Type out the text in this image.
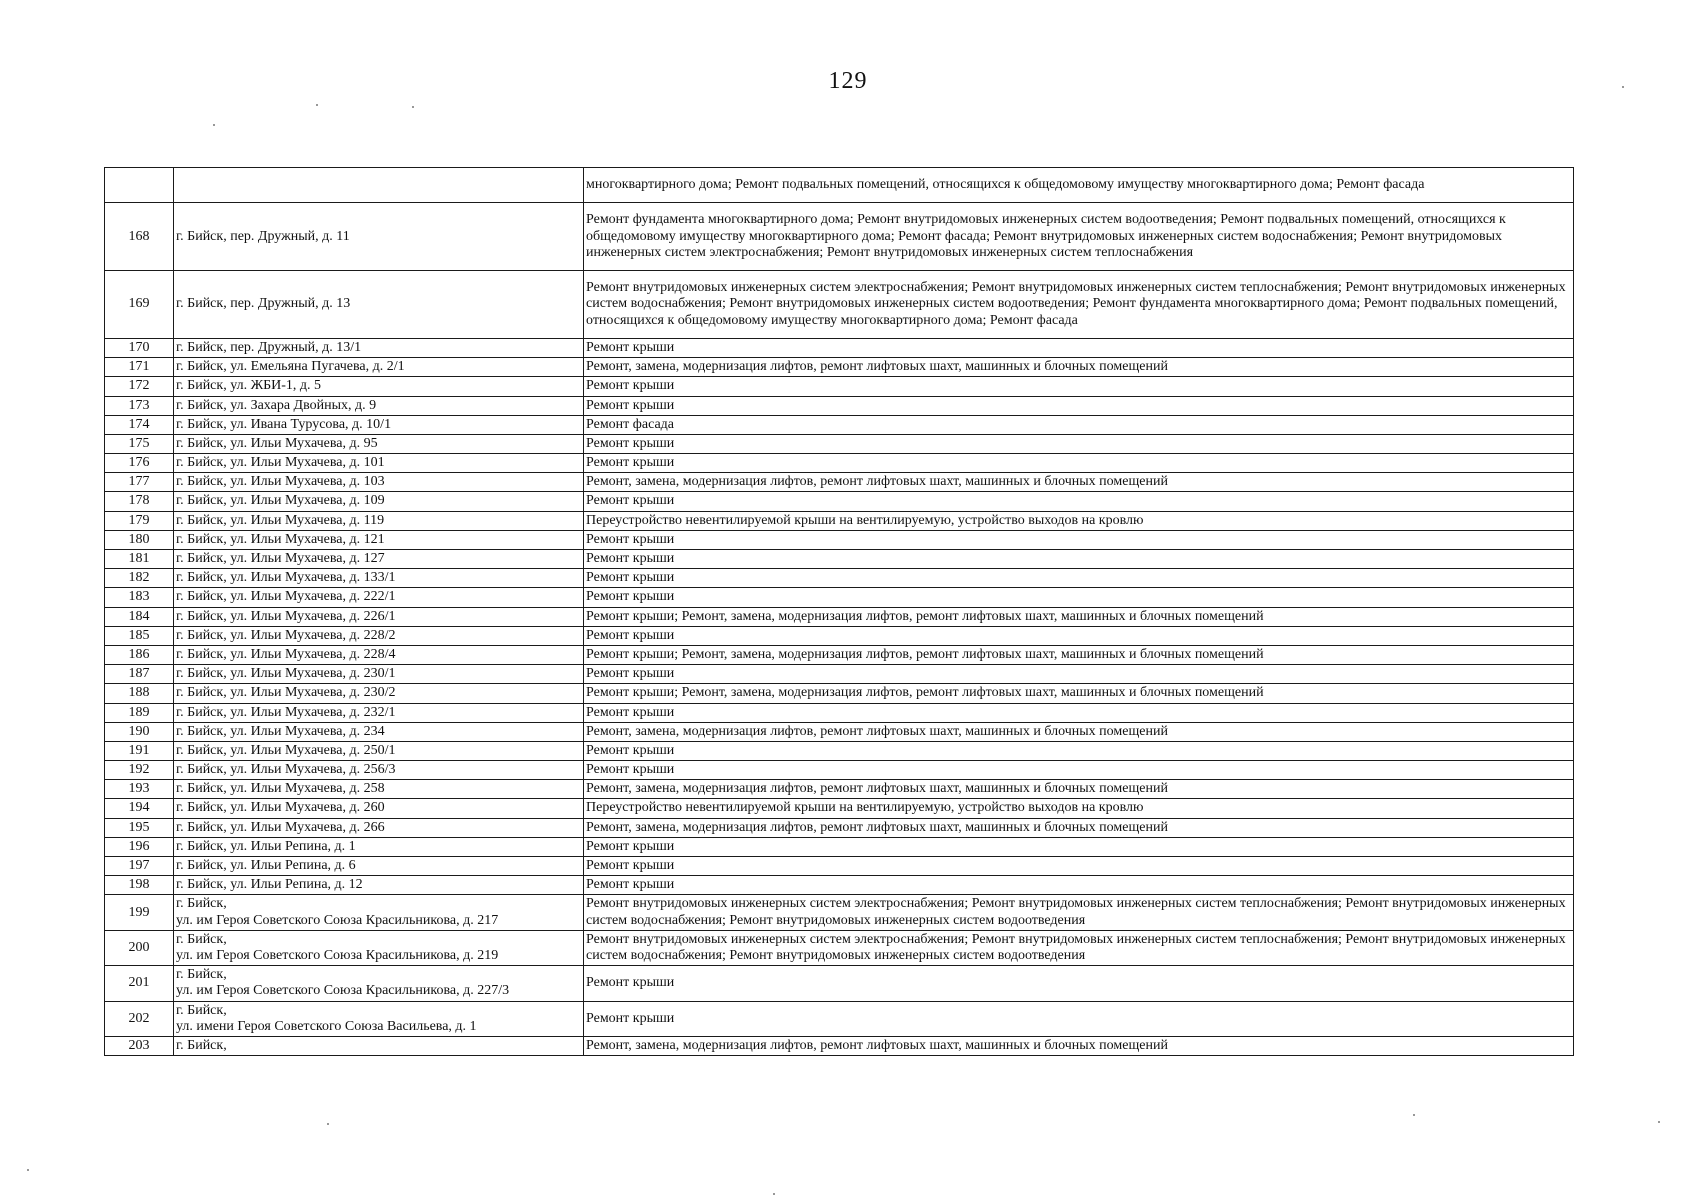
129
		многоквартирного дома; Ремонт подвальных помещений, относящихся к общедомовому имуществу многоквартирного дома; Ремонт фасада
168	г. Бийск, пер. Дружный, д. 11	Ремонт фундамента многоквартирного дома; Ремонт внутридомовых инженерных систем водоотведения; Ремонт подвальных помещений, относящихся к общедомовому имуществу многоквартирного дома; Ремонт фасада; Ремонт внутридомовых инженерных систем водоснабжения; Ремонт внутридомовых инженерных систем электроснабжения; Ремонт внутридомовых инженерных систем теплоснабжения
169	г. Бийск, пер. Дружный, д. 13	Ремонт внутридомовых инженерных систем электроснабжения; Ремонт внутридомовых инженерных систем теплоснабжения; Ремонт внутридомовых инженерных систем водоснабжения; Ремонт внутридомовых инженерных систем водоотведения; Ремонт фундамента многоквартирного дома; Ремонт подвальных помещений, относящихся к общедомовому имуществу многоквартирного дома; Ремонт фасада
170	г. Бийск, пер. Дружный, д. 13/1	Ремонт крыши
171	г. Бийск, ул. Емельяна Пугачева, д. 2/1	Ремонт, замена, модернизация лифтов, ремонт лифтовых шахт, машинных и блочных помещений
172	г. Бийск, ул. ЖБИ-1, д. 5	Ремонт крыши
173	г. Бийск, ул. Захара Двойных, д. 9	Ремонт крыши
174	г. Бийск, ул. Ивана Турусова, д. 10/1	Ремонт фасада
175	г. Бийск, ул. Ильи Мухачева, д. 95	Ремонт крыши
176	г. Бийск, ул. Ильи Мухачева, д. 101	Ремонт крыши
177	г. Бийск, ул. Ильи Мухачева, д. 103	Ремонт, замена, модернизация лифтов, ремонт лифтовых шахт, машинных и блочных помещений
178	г. Бийск, ул. Ильи Мухачева, д. 109	Ремонт крыши
179	г. Бийск, ул. Ильи Мухачева, д. 119	Переустройство невентилируемой крыши на вентилируемую, устройство выходов на кровлю
180	г. Бийск, ул. Ильи Мухачева, д. 121	Ремонт крыши
181	г. Бийск, ул. Ильи Мухачева, д. 127	Ремонт крыши
182	г. Бийск, ул. Ильи Мухачева, д. 133/1	Ремонт крыши
183	г. Бийск, ул. Ильи Мухачева, д. 222/1	Ремонт крыши
184	г. Бийск, ул. Ильи Мухачева, д. 226/1	Ремонт крыши; Ремонт, замена, модернизация лифтов, ремонт лифтовых шахт, машинных и блочных помещений
185	г. Бийск, ул. Ильи Мухачева, д. 228/2	Ремонт крыши
186	г. Бийск, ул. Ильи Мухачева, д. 228/4	Ремонт крыши; Ремонт, замена, модернизация лифтов, ремонт лифтовых шахт, машинных и блочных помещений
187	г. Бийск, ул. Ильи Мухачева, д. 230/1	Ремонт крыши
188	г. Бийск, ул. Ильи Мухачева, д. 230/2	Ремонт крыши; Ремонт, замена, модернизация лифтов, ремонт лифтовых шахт, машинных и блочных помещений
189	г. Бийск, ул. Ильи Мухачева, д. 232/1	Ремонт крыши
190	г. Бийск, ул. Ильи Мухачева, д. 234	Ремонт, замена, модернизация лифтов, ремонт лифтовых шахт, машинных и блочных помещений
191	г. Бийск, ул. Ильи Мухачева, д. 250/1	Ремонт крыши
192	г. Бийск, ул. Ильи Мухачева, д. 256/3	Ремонт крыши
193	г. Бийск, ул. Ильи Мухачева, д. 258	Ремонт, замена, модернизация лифтов, ремонт лифтовых шахт, машинных и блочных помещений
194	г. Бийск, ул. Ильи Мухачева, д. 260	Переустройство невентилируемой крыши на вентилируемую, устройство выходов на кровлю
195	г. Бийск, ул. Ильи Мухачева, д. 266	Ремонт, замена, модернизация лифтов, ремонт лифтовых шахт, машинных и блочных помещений
196	г. Бийск, ул. Ильи Репина, д. 1	Ремонт крыши
197	г. Бийск, ул. Ильи Репина, д. 6	Ремонт крыши
198	г. Бийск, ул. Ильи Репина, д. 12	Ремонт крыши
199	г. Бийск,
ул. им Героя Советского Союза Красильникова, д. 217	Ремонт внутридомовых инженерных систем электроснабжения; Ремонт внутридомовых инженерных систем теплоснабжения; Ремонт внутридомовых инженерных систем водоснабжения; Ремонт внутридомовых инженерных систем водоотведения
200	г. Бийск,
ул. им Героя Советского Союза Красильникова, д. 219	Ремонт внутридомовых инженерных систем электроснабжения; Ремонт внутридомовых инженерных систем теплоснабжения; Ремонт внутридомовых инженерных систем водоснабжения; Ремонт внутридомовых инженерных систем водоотведения
201	г. Бийск,
ул. им Героя Советского Союза Красильникова, д. 227/3	Ремонт крыши
202	г. Бийск,
ул. имени Героя Советского Союза Васильева, д. 1	Ремонт крыши
203	г. Бийск,	Ремонт, замена, модернизация лифтов, ремонт лифтовых шахт, машинных и блочных помещений
